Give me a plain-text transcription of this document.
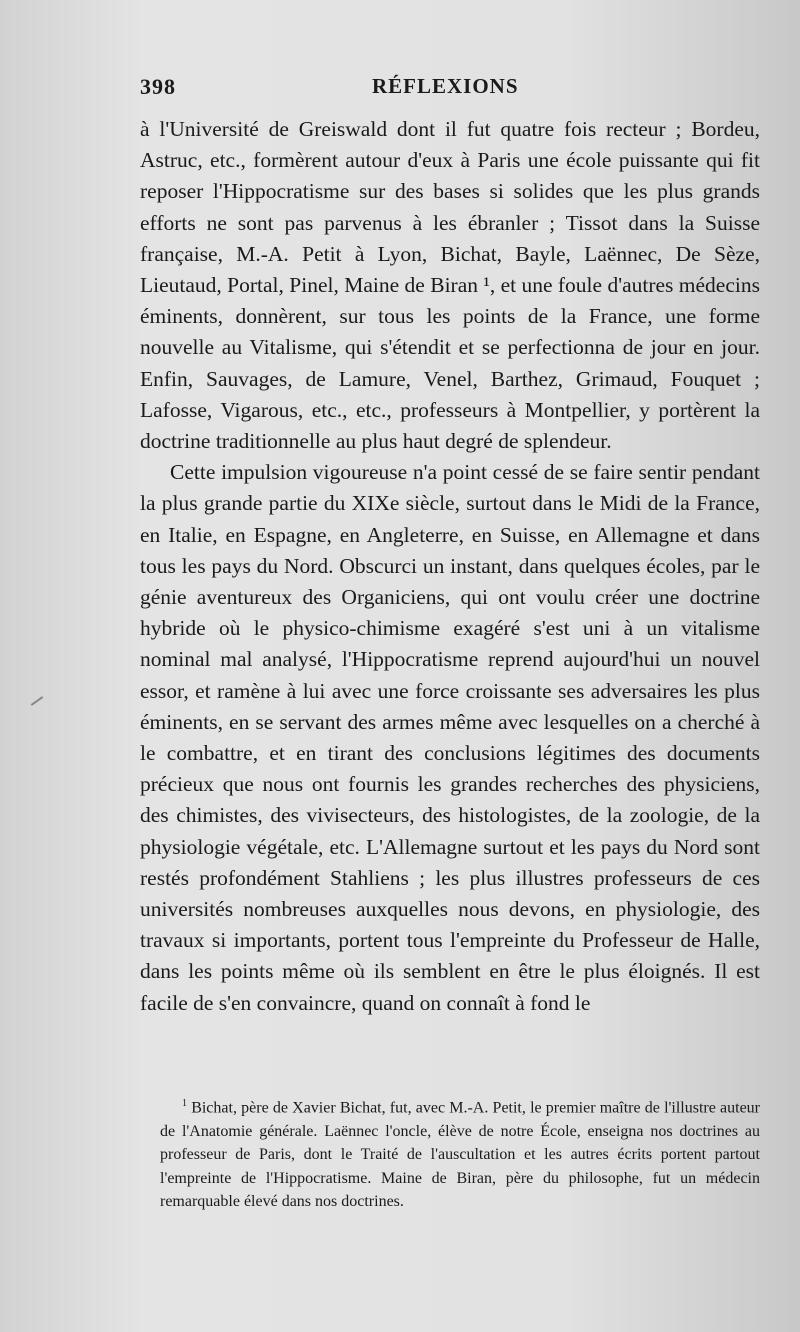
398	RÉFLEXIONS

à l'Université de Greiswald dont il fut quatre fois recteur ; Bordeu, Astruc, etc., formèrent autour d'eux à Paris une école puissante qui fit reposer l'Hippocratisme sur des bases si solides que les plus grands efforts ne sont pas parvenus à les ébranler ; Tissot dans la Suisse française, M.-A. Petit à Lyon, Bichat, Bayle, Laënnec, De Sèze, Lieutaud, Portal, Pinel, Maine de Biran ¹, et une foule d'autres médecins éminents, donnèrent, sur tous les points de la France, une forme nouvelle au Vitalisme, qui s'étendit et se perfectionna de jour en jour. Enfin, Sauvages, de Lamure, Venel, Barthez, Grimaud, Fouquet ; Lafosse, Vigarous, etc., etc., professeurs à Montpellier, y portèrent la doctrine traditionnelle au plus haut degré de splendeur.

Cette impulsion vigoureuse n'a point cessé de se faire sentir pendant la plus grande partie du XIXe siècle, surtout dans le Midi de la France, en Italie, en Espagne, en Angleterre, en Suisse, en Allemagne et dans tous les pays du Nord. Obscurci un instant, dans quelques écoles, par le génie aventureux des Organiciens, qui ont voulu créer une doctrine hybride où le physico-chimisme exagéré s'est uni à un vitalisme nominal mal analysé, l'Hippocratisme reprend aujourd'hui un nouvel essor, et ramène à lui avec une force croissante ses adversaires les plus éminents, en se servant des armes même avec lesquelles on a cherché à le combattre, et en tirant des conclusions légitimes des documents précieux que nous ont fournis les grandes recherches des physiciens, des chimistes, des vivisecteurs, des histologistes, de la zoologie, de la physiologie végétale, etc. L'Allemagne surtout et les pays du Nord sont restés profondément Stahliens ; les plus illustres professeurs de ces universités nombreuses auxquelles nous devons, en physiologie, des travaux si importants, portent tous l'empreinte du Professeur de Halle, dans les points même où ils semblent en être le plus éloignés. Il est facile de s'en convaincre, quand on connaît à fond le

$^1$ Bichat, père de Xavier Bichat, fut, avec M.-A. Petit, le premier maître de l'illustre auteur de l'Anatomie générale. Laënnec l'oncle, élève de notre École, enseigna nos doctrines au professeur de Paris, dont le Traité de l'auscultation et les autres écrits portent partout l'empreinte de l'Hippocratisme. Maine de Biran, père du philosophe, fut un médecin remarquable élevé dans nos doctrines.
